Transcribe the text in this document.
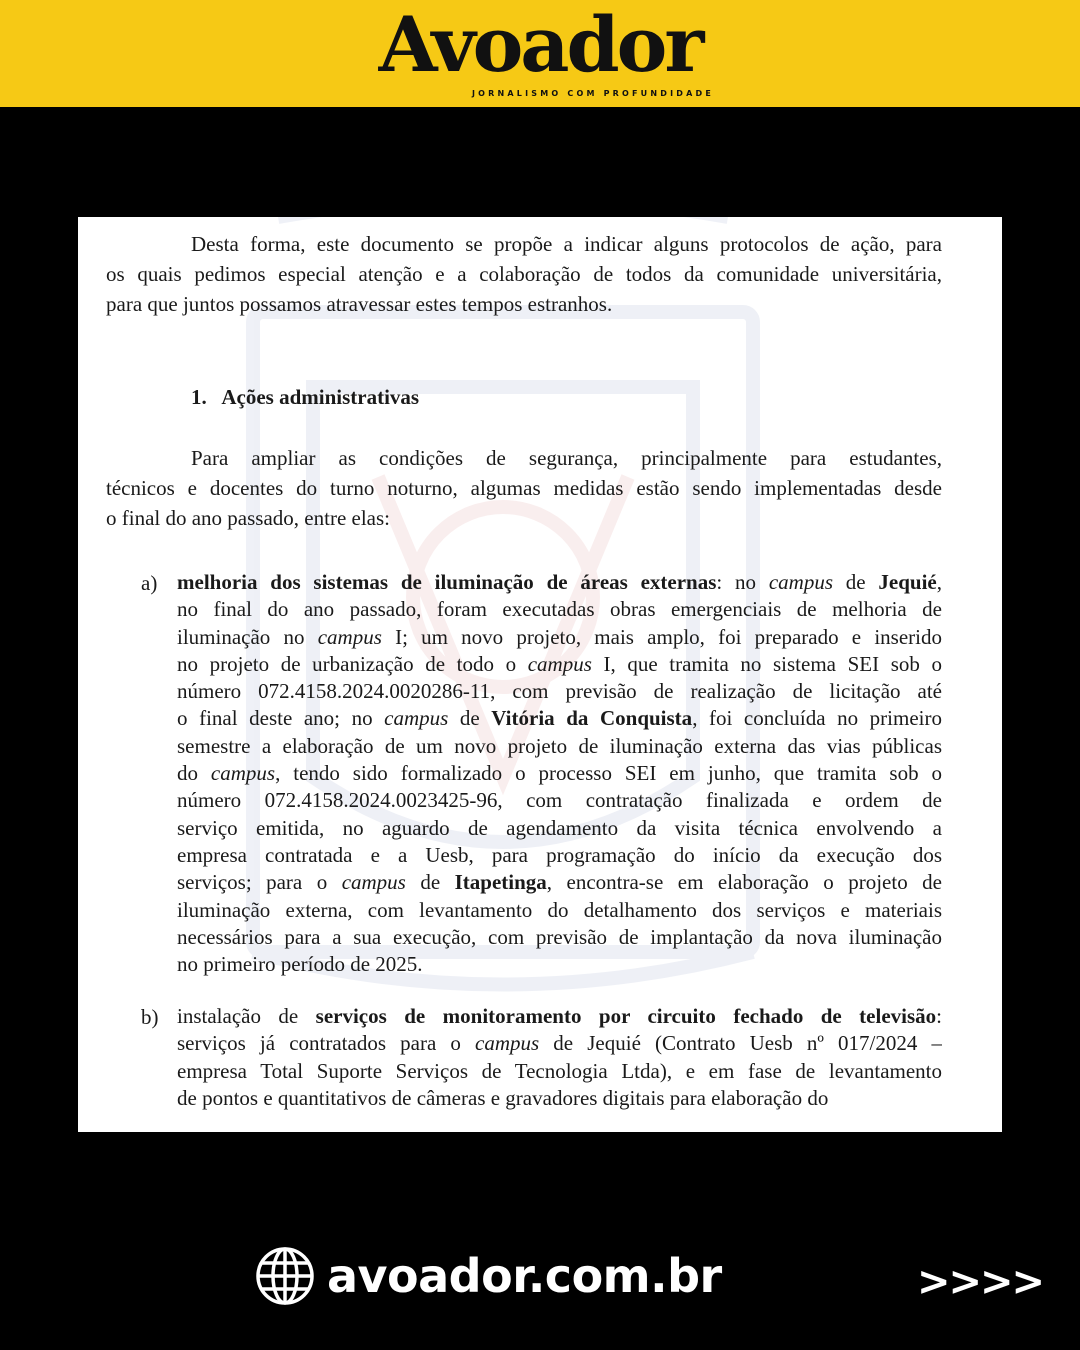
Avoador
JORNALISMO COM PROFUNDIDADE
Desta forma, este documento se propõe a indicar alguns protocolos de ação, para
os quais pedimos especial atenção e a colaboração de todos da comunidade universitária,
para que juntos possamos atravessar estes tempos estranhos.
1. Ações administrativas
Para ampliar as condições de segurança, principalmente para estudantes,
técnicos e docentes do turno noturno, algumas medidas estão sendo implementadas desde
o final do ano passado, entre elas:
a) melhoria dos sistemas de iluminação de áreas externas: no campus de Jequié,
no final do ano passado, foram executadas obras emergenciais de melhoria de
iluminação no campus I; um novo projeto, mais amplo, foi preparado e inserido
no projeto de urbanização de todo o campus I, que tramita no sistema SEI sob o
número 072.4158.2024.0020286-11, com previsão de realização de licitação até
o final deste ano; no campus de Vitória da Conquista, foi concluída no primeiro
semestre a elaboração de um novo projeto de iluminação externa das vias públicas
do campus, tendo sido formalizado o processo SEI em junho, que tramita sob o
número 072.4158.2024.0023425-96, com contratação finalizada e ordem de
serviço emitida, no aguardo de agendamento da visita técnica envolvendo a
empresa contratada e a Uesb, para programação do início da execução dos
serviços; para o campus de Itapetinga, encontra-se em elaboração o projeto de
iluminação externa, com levantamento do detalhamento dos serviços e materiais
necessários para a sua execução, com previsão de implantação da nova iluminação
no primeiro período de 2025.
b) instalação de serviços de monitoramento por circuito fechado de televisão:
serviços já contratados para o campus de Jequié (Contrato Uesb nº 017/2024 –
empresa Total Suporte Serviços de Tecnologia Ltda), e em fase de levantamento
de pontos e quantitativos de câmeras e gravadores digitais para elaboração do
avoador.com.br	>>>>
